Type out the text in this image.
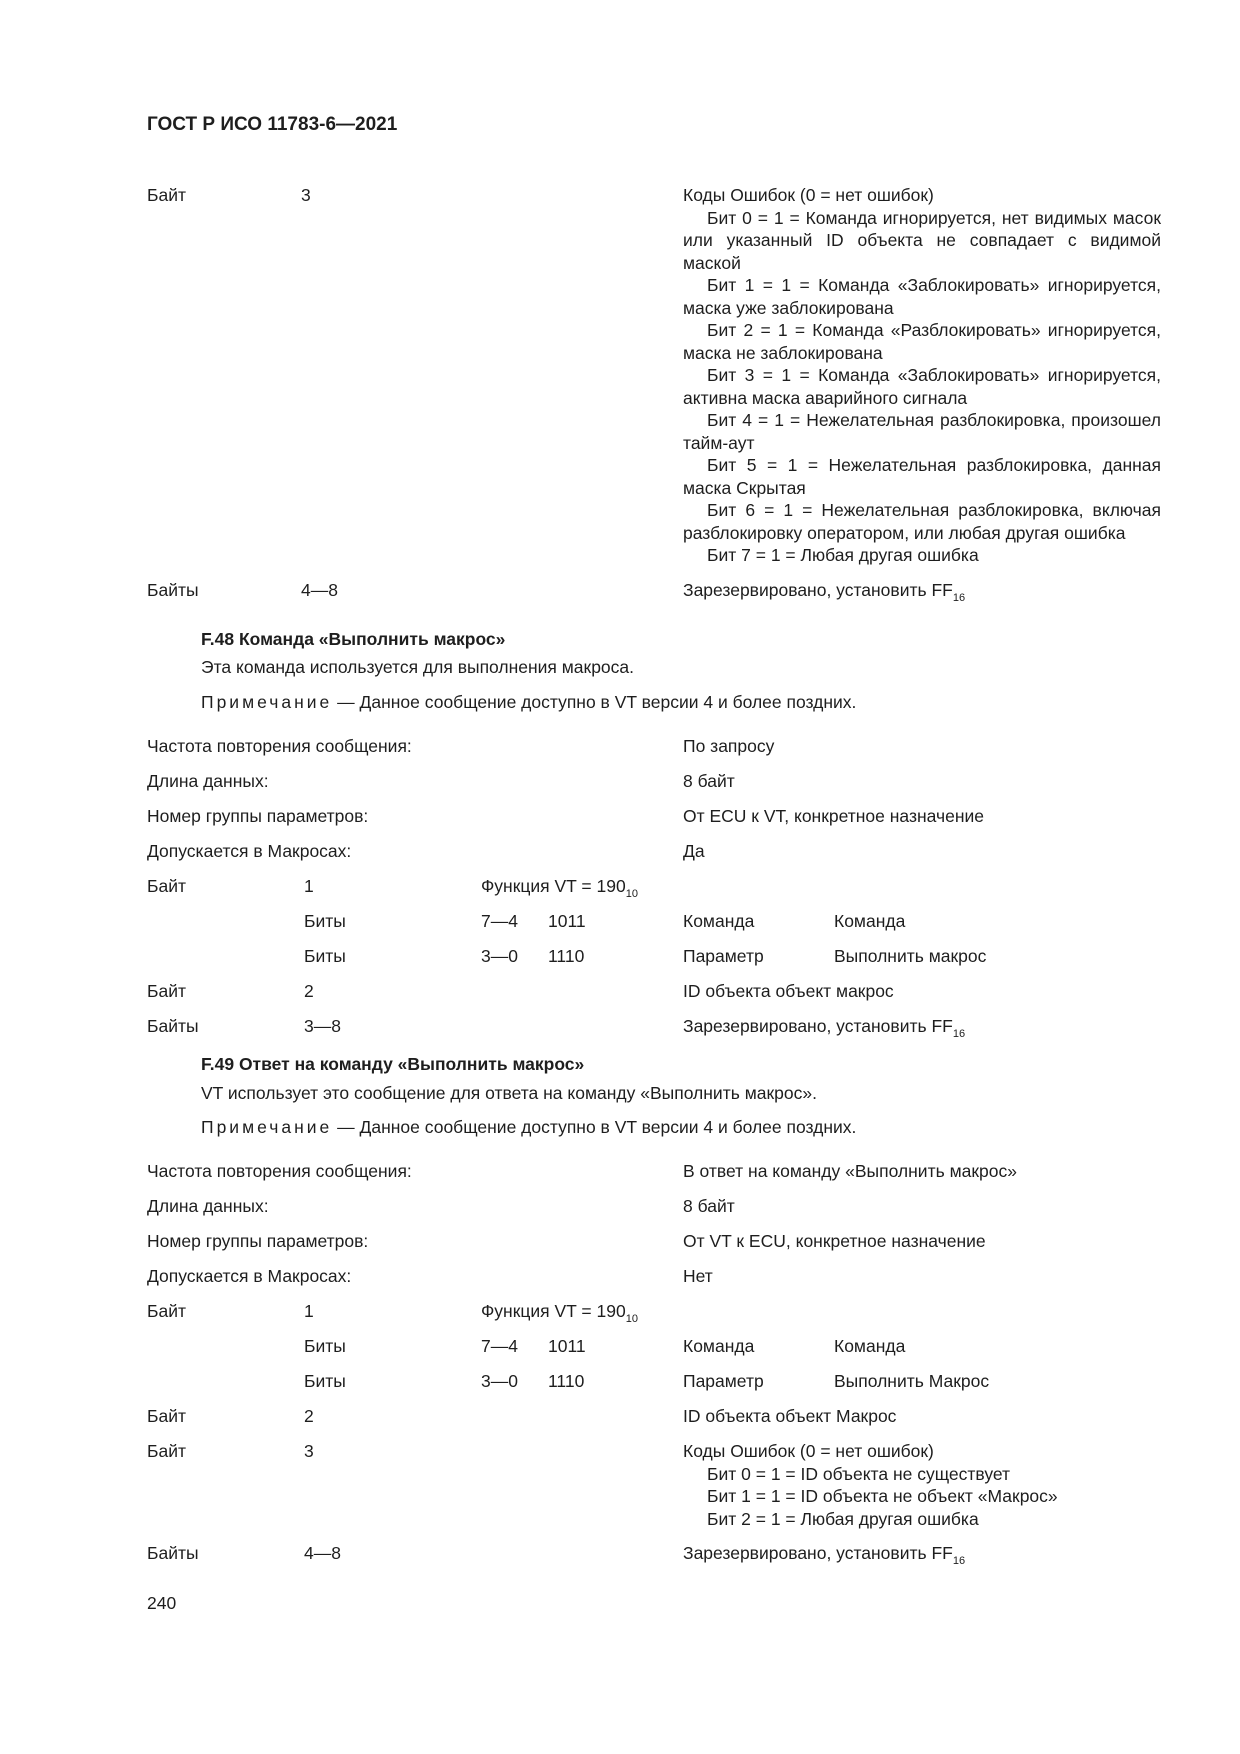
ГОСТ Р ИСО 11783-6—2021
Байт	3	Коды Ошибок (0 = нет ошибок)

Бит 0 = 1 = Команда игнорируется, нет видимых масок или указанный ID объекта не совпадает с видимой маской

Бит 1 = 1 = Команда «Заблокировать» игнорируется, маска уже заблокирована

Бит 2 = 1 = Команда «Разблокировать» игнорируется, маска не заблокирована

Бит 3 = 1 = Команда «Заблокировать» игнорируется, активна маска аварийного сигнала

Бит 4 = 1 = Нежелательная разблокировка, произошел тайм-аут

Бит 5 = 1 = Нежелательная разблокировка, данная маска Скрытая

Бит 6 = 1 = Нежелательная разблокировка, включая разблокировку оператором, или любая другая ошибка

Бит 7 = 1 = Любая другая ошибка

Байты	4—8	Зарезервировано, установить $FF_{16}$
F.48 Команда «Выполнить макрос»
Эта команда используется для выполнения макроса.
Примечание — Данное сообщение доступно в VT версии 4 и более поздних.
Частота повторения сообщения:	По запросу
Длина данных:	8 байт
Номер группы параметров:	От ECU к VT, конкретное назначение
Допускается в Макросах:	Да
Байт	1	Функция VT = $190_{10}$
Биты	7—4 1011	Команда	Команда
Биты	3—0 1110	Параметр	Выполнить макрос
Байт	2	ID объекта объект макрос
Байты	3—8	Зарезервировано, установить $FF_{16}$
F.49 Ответ на команду «Выполнить макрос»
VT использует это сообщение для ответа на команду «Выполнить макрос».
Примечание — Данное сообщение доступно в VT версии 4 и более поздних.
Частота повторения сообщения:	В ответ на команду «Выполнить макрос»
Длина данных:	8 байт
Номер группы параметров:	От VT к ECU, конкретное назначение
Допускается в Макросах:	Нет
Байт	1	Функция VT = $190_{10}$
Биты	7—4 1011	Команда	Команда
Биты	3—0 1110	Параметр	Выполнить Макрос
Байт	2	ID объекта объект Макрос
Байт	3	Коды Ошибок (0 = нет ошибок)

Бит 0 = 1 = ID объекта не существует

Бит 1 = 1 = ID объекта не объект «Макрос»

Бит 2 = 1 = Любая другая ошибка

Байты	4—8	Зарезервировано, установить $FF_{16}$
240
